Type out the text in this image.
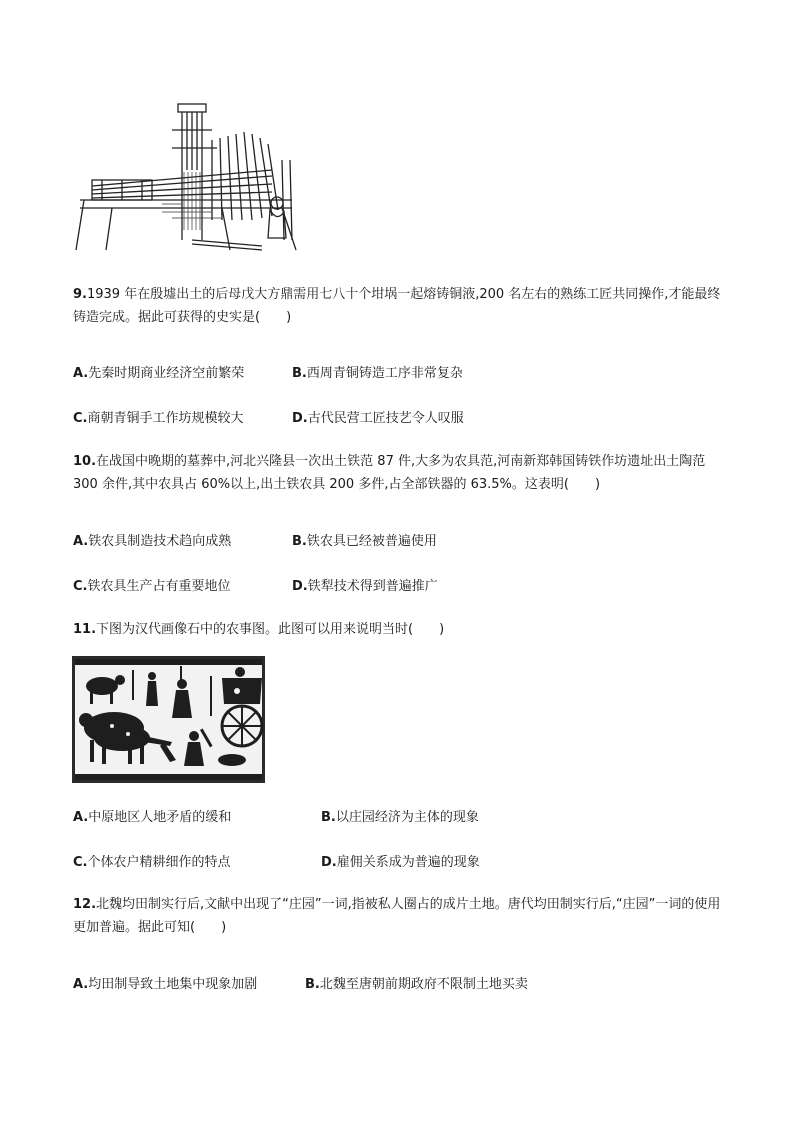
9.1939 年在殷墟出土的后母戊大方鼎需用七八十个坩埚一起熔铸铜液,200 名左右的熟练工匠共同操作,才能最终铸造完成。据此可获得的史实是(　　)
A.先秦时期商业经济空前繁荣	B.西周青铜铸造工序非常复杂
C.商朝青铜手工作坊规模较大	D.古代民营工匠技艺令人叹服
10.在战国中晚期的墓葬中,河北兴隆县一次出土铁范 87 件,大多为农具范,河南新郑韩国铸铁作坊遗址出土陶范 300 余件,其中农具占 60%以上,出土铁农具 200 多件,占全部铁器的 63.5%。这表明(　　)
A.铁农具制造技术趋向成熟	B.铁农具已经被普遍使用
C.铁农具生产占有重要地位	D.铁犁技术得到普遍推广
11.下图为汉代画像石中的农事图。此图可以用来说明当时(　　)
A.中原地区人地矛盾的缓和	B.以庄园经济为主体的现象
C.个体农户精耕细作的特点	D.雇佣关系成为普遍的现象
12.北魏均田制实行后,文献中出现了“庄园”一词,指被私人圈占的成片土地。唐代均田制实行后,“庄园”一词的使用更加普遍。据此可知(　　)
A.均田制导致土地集中现象加剧	B.北魏至唐朝前期政府不限制土地买卖
